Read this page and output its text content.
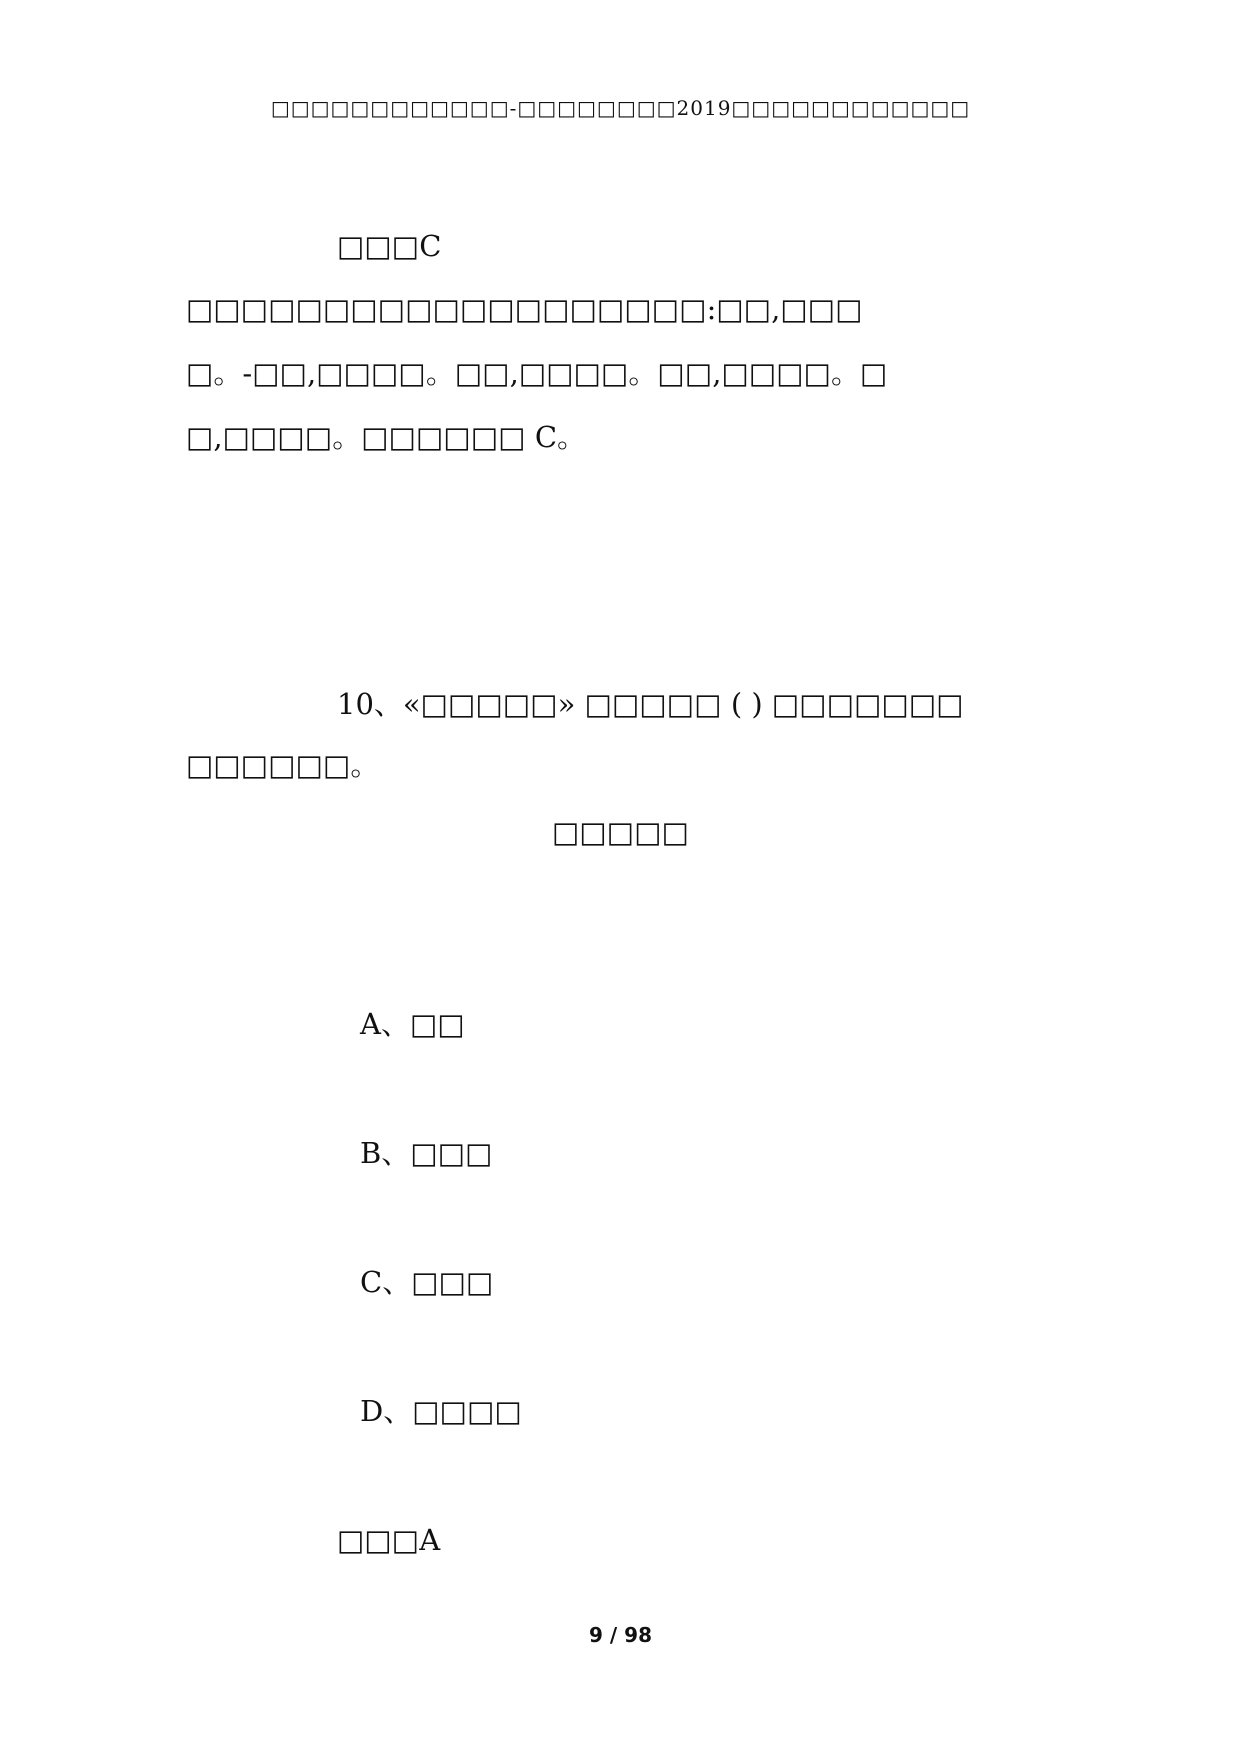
□□□□□□□□□□□□-□□□□□□□□2019□□□□□□□□□□□□
□□□C
□□□□□□□□□□□□□□□□□□□:□□,□□□
□。-□□,□□□□。□□,□□□□。□□,□□□□。□
□,□□□□。□□□□□□ C。
10、«□□□□□» □□□□□ ( ) □□□□□□□
□□□□□□。
□□□□□
A、□□
B、□□□
C、□□□
D、□□□□
□□□A
9 / 98
